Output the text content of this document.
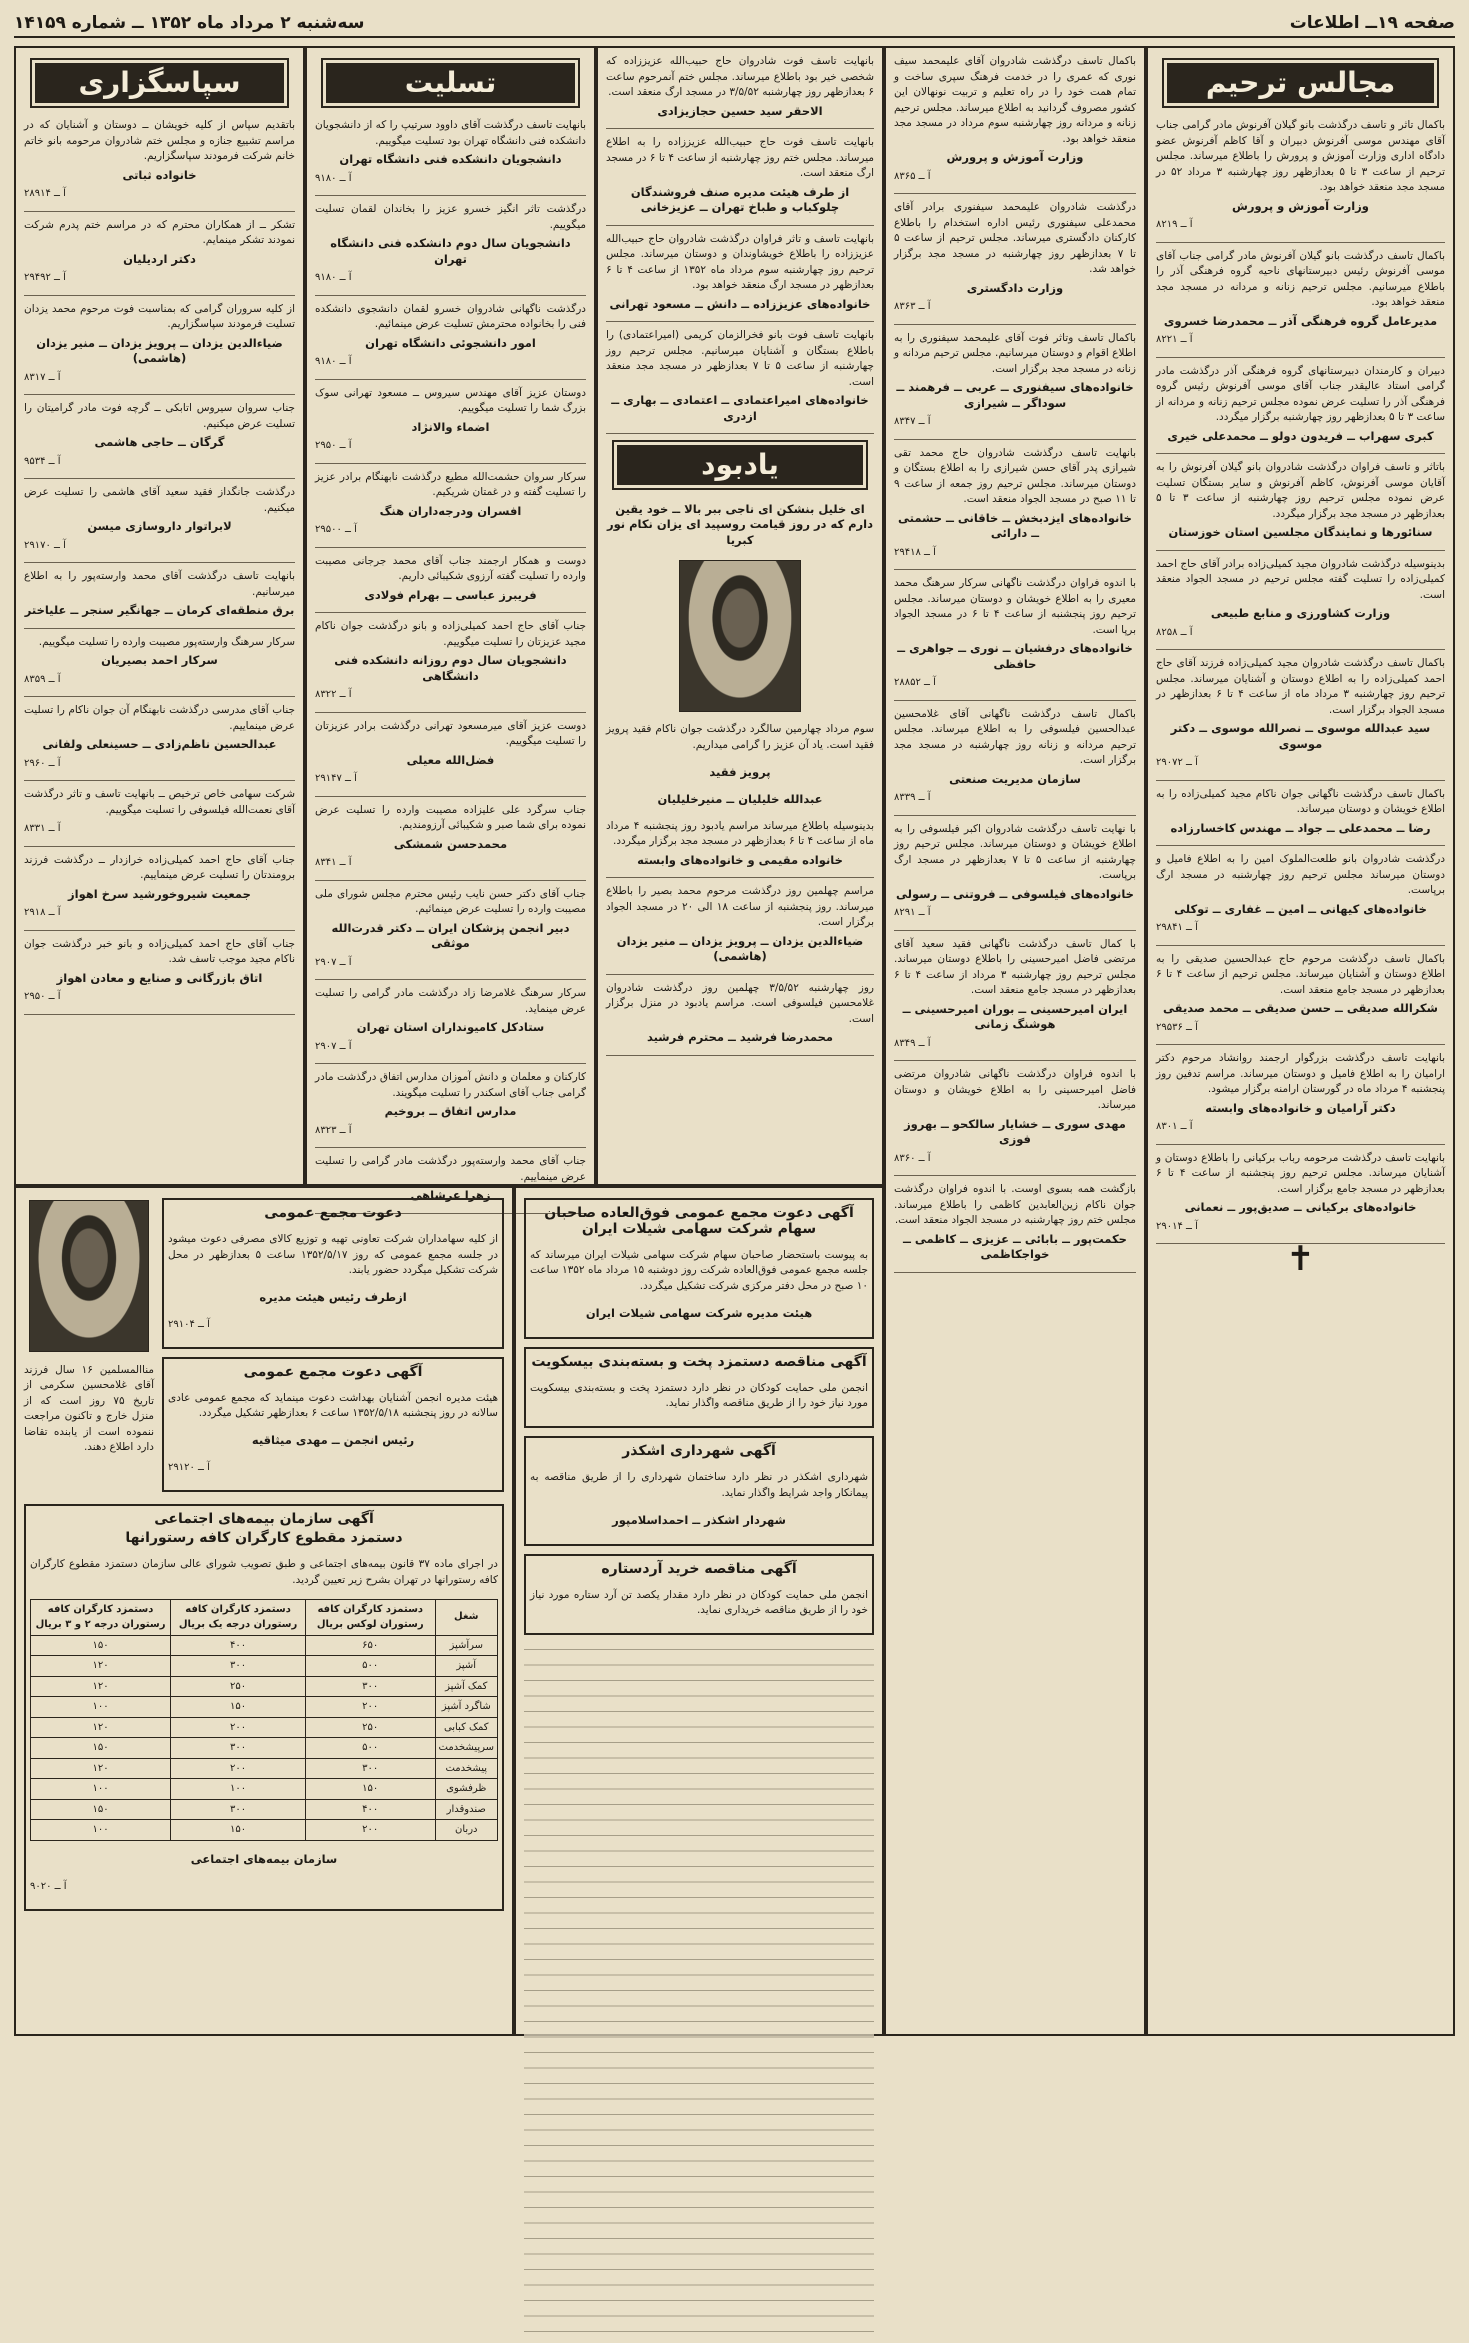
صفحه ۱۹ــ اطلاعات
سه‌شنبه ۲ مرداد ماه ۱۳۵۲ ــ شماره ۱۴۱۵۹
مجالس ترحیم

باکمال تاثر و تاسف درگذشت بانو گیلان آفرنوش مادر گرامی جناب آقای مهندس موسی آفرنوش دبیران و آقا کاظم آفرنوش عضو دادگاه اداری وزارت آموزش و پرورش را باطلاع میرساند. مجلس ترحیم از ساعت ۳ تا ۵ بعدازظهر روز چهارشنبه ۳ مرداد ۵۲ در مسجد مجد منعقد خواهد بود.

وزارت آموزش و پرورش

آ ــ ۸۲۱۹

باکمال تاسف درگذشت بانو گیلان آفرنوش مادر گرامی جناب آقای موسی آفرنوش رئیس دبیرستانهای ناحیه گروه فرهنگی آذر را باطلاع میرسانیم. مجلس ترحیم زنانه و مردانه در مسجد مجد منعقد خواهد بود.

مدیرعامل گروه فرهنگی آذر ــ محمدرضا خسروی

آ ــ ۸۲۲۱

دبیران و کارمندان دبیرستانهای گروه فرهنگی آذر درگذشت مادر گرامی استاد عالیقدر جناب آقای موسی آفرنوش رئیس گروه فرهنگی آذر را تسلیت عرض نموده مجلس ترحیم زنانه و مردانه از ساعت ۳ تا ۵ بعدازظهر روز چهارشنبه برگزار میگردد.

کبری سهراب ــ فریدون دولو ــ محمدعلی خیری

باتاثر و تاسف فراوان درگذشت شادروان بانو گیلان آفرنوش را به آقایان موسی آفرنوش، کاظم آفرنوش و سایر بستگان تسلیت عرض نموده مجلس ترحیم روز چهارشنبه از ساعت ۳ تا ۵ بعدازظهر در مسجد مجد برگزار میگردد.

سنائورها و نمایندگان مجلسین استان خوزستان

بدینوسیله درگذشت شادروان مجید کمیلی‌زاده برادر آقای حاج احمد کمیلی‌زاده را تسلیت گفته مجلس ترحیم در مسجد الجواد منعقد است.

وزارت کشاورزی و منابع طبیعی

آ ــ ۸۲۵۸

باکمال تاسف درگذشت شادروان مجید کمیلی‌زاده فرزند آقای حاج احمد کمیلی‌زاده را به اطلاع دوستان و آشنایان میرساند. مجلس ترحیم روز چهارشنبه ۳ مرداد ماه از ساعت ۴ تا ۶ بعدازظهر در مسجد الجواد برگزار است.

سید عبدالله موسوی ــ نصرالله موسوی ــ دکتر موسوی

آ ــ ۲۹۰۷۲

باکمال تاسف درگذشت ناگهانی جوان ناکام مجید کمیلی‌زاده را به اطلاع خویشان و دوستان میرساند.

رضا ــ محمدعلی ــ جواد ــ مهندس کاخسارزاده

درگذشت شادروان بانو طلعت‌الملوک امین را به اطلاع فامیل و دوستان میرساند مجلس ترحیم روز چهارشنبه در مسجد ارگ برپاست.

خانواده‌های کیهانی ــ امین ــ غفاری ــ توکلی

آ ــ ۲۹۸۴۱

باکمال تاسف درگذشت مرحوم حاج عبدالحسین صدیقی را به اطلاع دوستان و آشنایان میرساند. مجلس ترحیم از ساعت ۴ تا ۶ بعدازظهر در مسجد جامع منعقد است.

شکرالله صدیقی ــ حسن صدیقی ــ محمد صدیقی

آ ــ ۲۹۵۳۶

بانهایت تاسف درگذشت بزرگوار ارجمند روانشاد مرحوم دکتر ارامیان را به اطلاع فامیل و دوستان میرساند. مراسم تدفین روز پنجشنبه ۴ مرداد ماه در گورستان ارامنه برگزار میشود.

دکتر آرامیان و خانواده‌های وابسته

آ ــ ۸۳۰۱

بانهایت تاسف درگذشت مرحومه رباب برکیانی را باطلاع دوستان و آشنایان میرساند. مجلس ترحیم روز پنجشنبه از ساعت ۴ تا ۶ بعدازظهر در مسجد جامع برگزار است.

خانواده‌های برکیانی ــ صدیق‌پور ــ نعمانی

آ ــ ۲۹۰۱۴

✝

باکمال تاسف درگذشت شادروان آقای علیمحمد سیف نوری که عمری را در خدمت فرهنگ سپری ساخت و تمام همت خود را در راه تعلیم و تربیت نونهالان این کشور مصروف گردانید به اطلاع میرساند. مجلس ترحیم زنانه و مردانه روز چهارشنبه سوم مرداد در مسجد مجد منعقد خواهد بود.

وزارت آموزش و پرورش

آ ــ ۸۳۶۵

درگذشت شادروان علیمحمد سیفنوری برادر آقای محمدعلی سیفنوری رئیس اداره استخدام را باطلاع کارکنان دادگستری میرساند. مجلس ترحیم از ساعت ۵ تا ۷ بعدازظهر روز چهارشنبه در مسجد مجد برگزار خواهد شد.

وزارت دادگستری

آ ــ ۸۳۶۳

باکمال تاسف وتاثر فوت آقای علیمحمد سیفنوری را به اطلاع اقوام و دوستان میرسانیم. مجلس ترحیم مردانه و زنانه در مسجد مجد برگزار است.

خانواده‌های سیفنوری ــ عربی ــ فرهمند ــ سوداگر ــ شیرازی

آ ــ ۸۳۴۷

بانهایت تاسف درگذشت شادروان حاج محمد تقی شیرازی پدر آقای حسن شیرازی را به اطلاع بستگان و دوستان میرساند. مجلس ترحیم روز جمعه از ساعت ۹ تا ۱۱ صبح در مسجد الجواد منعقد است.

خانواده‌های ایزدبخش ــ خاقانی ــ حشمتی ــ دارائی

آ ــ ۲۹۴۱۸

با اندوه فراوان درگذشت ناگهانی سرکار سرهنگ محمد معیری را به اطلاع خویشان و دوستان میرساند. مجلس ترحیم روز پنجشنبه از ساعت ۴ تا ۶ در مسجد الجواد برپا است.

خانواده‌های درفشیان ــ نوری ــ جواهری ــ حافظی

آ ــ ۲۸۸۵۲

باکمال تاسف درگذشت ناگهانی آقای غلامحسین عبدالحسین فیلسوفی را به اطلاع میرساند. مجلس ترحیم مردانه و زنانه روز چهارشنبه در مسجد مجد برگزار است.

سازمان مدیریت صنعتی

آ ــ ۸۳۳۹

با نهایت تاسف درگذشت شادروان اکبر فیلسوفی را به اطلاع خویشان و دوستان میرساند. مجلس ترحیم روز چهارشنبه از ساعت ۵ تا ۷ بعدازظهر در مسجد ارگ برپاست.

خانواده‌های فیلسوفی ــ فروتنی ــ رسولی

آ ــ ۸۲۹۱

با کمال تاسف درگذشت ناگهانی فقید سعید آقای مرتضی فاضل امیرحسینی را باطلاع دوستان میرساند. مجلس ترحیم روز چهارشنبه ۳ مرداد از ساعت ۴ تا ۶ بعدازظهر در مسجد جامع منعقد است.

ایران امیرحسینی ــ بوران امیرحسینی ــ هوشنگ زمانی

آ ــ ۸۳۴۹

با اندوه فراوان درگذشت ناگهانی شادروان مرتضی فاضل امیرحسینی را به اطلاع خویشان و دوستان میرساند.

مهدی سوری ــ خشایار سالکحو ــ بهروز فوزی

آ ــ ۸۳۶۰

بازگشت همه بسوی اوست. با اندوه فراوان درگذشت جوان ناکام زین‌العابدین کاظمی را باطلاع میرساند. مجلس ختم روز چهارشنبه در مسجد الجواد منعقد است.

حکمت‌پور ــ بابائی ــ عزیزی ــ کاظمی ــ خواجکاظمی

بانهایت تاسف فوت شادروان حاج حبیب‌الله عزیززاده که شخصی خیر بود باطلاع میرساند. مجلس ختم آنمرحوم ساعت ۶ بعدازظهر روز چهارشنبه ۳/۵/۵۲ در مسجد ارگ منعقد است.

الاحقر سید حسین حجازیزادی

بانهایت تاسف فوت حاج حبیب‌الله عزیززاده را به اطلاع میرساند. مجلس ختم روز چهارشنبه از ساعت ۴ تا ۶ در مسجد ارگ منعقد است.

از طرف هیئت مدیره صنف فروشندگان چلوکباب و طباخ تهران ــ عزیزخانی

بانهایت تاسف و تاثر فراوان درگذشت شادروان حاج حبیب‌الله عزیززاده را باطلاع خویشاوندان و دوستان میرساند. مجلس ترحیم روز چهارشنبه سوم مرداد ماه ۱۳۵۲ از ساعت ۴ تا ۶ بعدازظهر در مسجد ارگ منعقد خواهد بود.

خانواده‌های عزیززاده ــ دانش ــ مسعود تهرانی

بانهایت تاسف فوت بانو فخرالزمان کریمی (امیراعتمادی) را باطلاع بستگان و آشنایان میرسانیم. مجلس ترحیم روز چهارشنبه از ساعت ۵ تا ۷ بعدازظهر در مسجد مجد منعقد است.

خانواده‌های امیراعتمادی ــ اعتمادی ــ بهاری ــ ازدری

یادبود

ای خلیل بنشکن ای ناجی ببر بالا ــ خود یقین دارم که در روز قیامت روسپید ای یزان نکام نور کبریا

سوم مرداد چهارمین سالگرد درگذشت جوان ناکام فقید پرویز فقید است. یاد آن عزیز را گرامی میداریم.

پرویز فقید

عبدالله خلیلیان ــ منیرخلیلیان

بدینوسیله باطلاع میرساند مراسم یادبود روز پنجشنبه ۴ مرداد ماه از ساعت ۴ تا ۶ بعدازظهر در مسجد مجد برگزار میگردد.

خانواده مقیمی و خانواده‌های وابسته

مراسم چهلمین روز درگذشت مرحوم محمد بصیر را باطلاع میرساند. روز پنجشنبه از ساعت ۱۸ الی ۲۰ در مسجد الجواد برگزار است.

ضیاءالدین یزدان ــ پرویز یزدان ــ منیر یزدان (هاشمی)

روز چهارشنبه ۳/۵/۵۲ چهلمین روز درگذشت شادروان غلامحسین فیلسوفی است. مراسم یادبود در منزل برگزار است.

محمدرضا فرشید ــ محترم فرشید

تسلیت

بانهایت تاسف درگذشت آقای داوود سرتیپ را که از دانشجویان دانشکده فنی دانشگاه تهران بود تسلیت میگوییم.

دانشجویان دانشکده فنی دانشگاه تهران

آ ــ ۹۱۸۰

درگذشت تاثر انگیز خسرو عزیز را بخاندان لقمان تسلیت میگوییم.

دانشجویان سال دوم دانشکده فنی دانشگاه تهران

آ ــ ۹۱۸۰

درگذشت ناگهانی شادروان خسرو لقمان دانشجوی دانشکده فنی را بخانواده محترمش تسلیت عرض مینمائیم.

امور دانشجوئی دانشگاه تهران

آ ــ ۹۱۸۰

دوستان عزیز آقای مهندس سیروس ــ مسعود تهرانی سوک بزرگ شما را تسلیت میگوییم.

اضماء والانژاد

آ ــ ۲۹۵۰

سرکار سروان حشمت‌الله مطیع درگذشت نابهنگام برادر عزیز را تسلیت گفته و در غمتان شریکیم.

افسران ودرجه‌داران هنگ

آ ــ ۲۹۵۰۰

دوست و همکار ارجمند جناب آقای محمد جرجانی مصیبت وارده را تسلیت گفته آرزوی شکیبائی داریم.

فریبرز عباسی ــ بهرام فولادی

جناب آقای حاج احمد کمیلی‌زاده و بانو درگذشت جوان ناکام مجید عزیزتان را تسلیت میگوییم.

دانشجویان سال دوم روزانه دانشکده فنی دانشگاهی

آ ــ ۸۳۲۲

دوست عزیز آقای میرمسعود تهرانی درگذشت برادر عزیزتان را تسلیت میگوییم.

فضل‌الله معیلی

آ ــ ۲۹۱۴۷

جناب سرگرد علی علیزاده مصیبت وارده را تسلیت عرض نموده برای شما صبر و شکیبائی آرزومندیم.

محمدحسن شمشکی

آ ــ ۸۳۴۱

جناب آقای دکتر حسن نایب رئیس محترم مجلس شورای ملی مصیبت وارده را تسلیت عرض مینمائیم.

دبیر انجمن پزشکان ایران ــ دکتر قدرت‌الله موثقی

آ ــ ۲۹۰۷

سرکار سرهنگ غلامرضا زاد درگذشت مادر گرامی را تسلیت عرض مینماید.

ستادکل کامیونداران استان تهران

آ ــ ۲۹۰۷

کارکنان و معلمان و دانش آموزان مدارس اتفاق درگذشت مادر گرامی جناب آقای اسکندر را تسلیت میگویند.

مدارس اتفاق ــ بروخیم

آ ــ ۸۳۲۳

جناب آقای محمد وارسته‌پور درگذشت مادر گرامی را تسلیت عرض مینماییم.

زهرا عرشاهی

سپاسگزاری

باتقدیم سپاس از کلیه خویشان ــ دوستان و آشنایان که در مراسم تشییع جنازه و مجلس ختم شادروان مرحومه بانو خاتم خانم شرکت فرمودند سپاسگزاریم.

خانواده ثباتی

آ ــ ۲۸۹۱۴

تشکر ــ از همکاران محترم که در مراسم ختم پدرم شرکت نمودند تشکر مینمایم.

دکتر اردیلیان

آ ــ ۲۹۴۹۲

از کلیه سروران گرامی که بمناسبت فوت مرحوم محمد یزدان تسلیت فرمودند سپاسگزاریم.

ضیاءالدین یزدان ــ پرویز یزدان ــ منیر یزدان (هاشمی)

آ ــ ۸۳۱۷

جناب سروان سیروس اتابکی ــ گرچه فوت مادر گرامیتان را تسلیت عرض میکنیم.

گرگان ــ حاجی هاشمی

آ ــ ۹۵۳۴

درگذشت جانگداز فقید سعید آقای هاشمی را تسلیت عرض میکنیم.

لابراتوار داروسازی میسن

آ ــ ۲۹۱۷۰

بانهایت تاسف درگذشت آقای محمد وارسته‌پور را به اطلاع میرسانیم.

برق منطقه‌ای کرمان ــ جهانگیر سنجر ــ علیاختر

سرکار سرهنگ وارسته‌پور مصیبت وارده را تسلیت میگوییم.

سرکار احمد بصیریان

آ ــ ۸۳۵۹

جناب آقای مدرسی درگذشت نابهنگام آن جوان ناکام را تسلیت عرض مینماییم.

عبدالحسین ناظم‌زادی ــ حسینعلی ولفانی

آ ــ ۲۹۶۰

شرکت سهامی خاص ترخیص ــ بانهایت تاسف و تاثر درگذشت آقای نعمت‌الله فیلسوفی را تسلیت میگوییم.

آ ــ ۸۳۳۱

جناب آقای حاج احمد کمیلی‌زاده خرازدار ــ درگذشت فرزند برومندتان را تسلیت عرض مینماییم.

جمعیت شیرو‌خورشید سرخ اهواز

آ ــ ۲۹۱۸

جناب آقای حاج احمد کمیلی‌زاده و بانو خبر درگذشت جوان ناکام مجید موجب تاسف شد.

اتاق بازرگانی و صنایع و معادن اهواز

آ ــ ۲۹۵۰

آگهی دعوت مجمع عمومی فوق‌العاده صاحبان سهام شرکت سهامی شیلات ایران

به پیوست باستحضار صاحبان سهام شرکت سهامی شیلات ایران میرساند که جلسه مجمع عمومی فوق‌العاده شرکت روز دوشنبه ۱۵ مرداد ماه ۱۳۵۲ ساعت ۱۰ صبح در محل دفتر مرکزی شرکت تشکیل میگردد.

هیئت مدیره شرکت سهامی شیلات ایران

آگهی مناقصه دستمزد پخت و بسته‌بندی بیسکویت

انجمن ملی حمایت کودکان در نظر دارد دستمزد پخت و بسته‌بندی بیسکویت مورد نیاز خود را از طریق مناقصه واگذار نماید.

آگهی شهرداری اشکذر

شهرداری اشکذر در نظر دارد ساختمان شهرداری را از طریق مناقصه به پیمانکار واجد شرایط واگذار نماید.

شهردار اشکذر ــ احمداسلامپور

آگهی مناقصه خرید آردستاره

انجمن ملی حمایت کودکان در نظر دارد مقدار یکصد تن آرد ستاره مورد نیاز خود را از طریق مناقصه خریداری نماید.

دعوت مجمع عمومی

از کلیه سهامداران شرکت تعاونی تهیه و توزیع کالای مصرفی دعوت میشود در جلسه مجمع عمومی که روز ۱۳۵۲/۵/۱۷ ساعت ۵ بعدازظهر در محل شرکت تشکیل میگردد حضور یابند.

ازطرف رئیس هیئت مدیره

آ ــ ۲۹۱۰۴

آگهی دعوت مجمع عمومی

هیئت مدیره انجمن آشنایان بهداشت دعوت مینماید که مجمع عمومی عادی سالانه در روز پنجشنبه ۱۳۵۲/۵/۱۸ ساعت ۶ بعدازظهر تشکیل میگردد.

رئیس انجمن ــ مهدی میثاقیه

آ ــ ۲۹۱۲۰

منا‌المسلمین ۱۶ سال فرزند آقای غلامحسین سکرمی از تاریخ ۷۵ روز است که از منزل خارج و تاکنون مراجعت ننموده است از یابنده تقاضا دارد اطلاع دهند.

آگهی سازمان بیمه‌های اجتماعی
دستمزد مقطوع کارگران کافه رستورانها

در اجرای ماده ۳۷ قانون بیمه‌های اجتماعی و طبق تصویب شورای عالی سازمان دستمزد مقطوع کارگران کافه رستورانها در تهران بشرح زیر تعیین گردید.

شغل	دستمزد کارگران کافه رستوران لوکس بریال	دستمزد کارگران کافه رستوران درجه یک بریال	دستمزد کارگران کافه رستوران درجه ۲ و ۳ بریال
سرآشپز	۶۵۰	۴۰۰	۱۵۰
آشپز	۵۰۰	۳۰۰	۱۲۰
کمک آشپز	۳۰۰	۲۵۰	۱۲۰
شاگرد آشپز	۲۰۰	۱۵۰	۱۰۰
کمک کبابی	۲۵۰	۲۰۰	۱۲۰
سرپیشخدمت	۵۰۰	۳۰۰	۱۵۰
پیشخدمت	۳۰۰	۲۰۰	۱۲۰
ظرفشوی	۱۵۰	۱۰۰	۱۰۰
صندوقدار	۴۰۰	۳۰۰	۱۵۰
دربان	۲۰۰	۱۵۰	۱۰۰

سازمان بیمه‌های اجتماعی

آ ــ ۹۰۲۰
